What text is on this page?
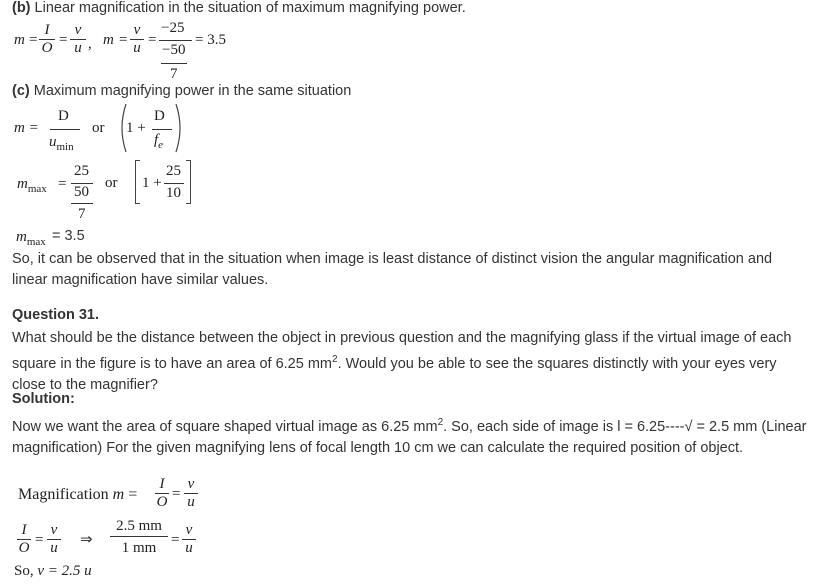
(b) Linear magnification in the situation of maximum magnifying power.
m =
I
O =
v
u , m =
v
u =
−25
−50
7
= 3.5
(c) Maximum magnifying power in the same situation
m =
D
$u_{min}$
or 1 +
D
$f_e$
$m_{max}$ =
25
50
7
or 1 +
25
10
$m_{max} = 3.5$
So, it can be observed that in the situation when image is least distance of distinct vision the angular magnification and linear magnification have similar values.
Question 31.
What should be the distance between the object in previous question and the magnifying glass if the virtual image of each square in the figure is to have an area of 6.25 $mm^2$. Would you be able to see the squares distinctly with your eyes very close to the magnifier?
Solution:
Now we want the area of square shaped virtual image as 6.25 $mm^2$. So, each side of image is l = 6.25----√ = 2.5 mm (Linear magnification) For the given magnifying lens of focal length 10 cm we can calculate the required position of object.
Magnification m =
I
O =
v
u
I
O =
v
u ⇒
2.5 mm
1 mm =
v
u
So, v = 2.5 u
